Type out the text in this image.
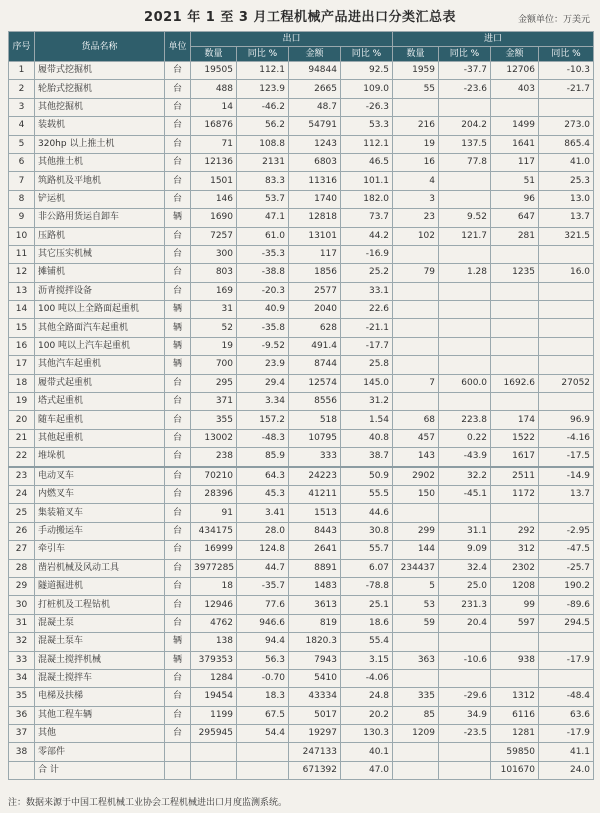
2021 年 1 至 3 月工程机械产品进出口分类汇总表	金额单位：万美元
序号	货品名称	单位	出口				进口			
			数量	同比 %	金额	同比 %	数量	同比 %	金额	同比 %
1	履带式挖掘机	台	19505	112.1	94844	92.5	1959	-37.7	12706	-10.3
2	轮胎式挖掘机	台	488	123.9	2665	109.0	55	-23.6	403	-21.7
3	其他挖掘机	台	14	-46.2	48.7	-26.3				
4	装载机	台	16876	56.2	54791	53.3	216	204.2	1499	273.0
5	320hp 以上推土机	台	71	108.8	1243	112.1	19	137.5	1641	865.4
6	其他推土机	台	12136	2131	6803	46.5	16	77.8	117	41.0
7	筑路机及平地机	台	1501	83.3	11316	101.1	4		51	25.3
8	铲运机	台	146	53.7	1740	182.0	3		96	13.0
9	非公路用货运自卸车	辆	1690	47.1	12818	73.7	23	9.52	647	13.7
10	压路机	台	7257	61.0	13101	44.2	102	121.7	281	321.5
11	其它压实机械	台	300	-35.3	117	-16.9				
12	摊铺机	台	803	-38.8	1856	25.2	79	1.28	1235	16.0
13	沥青搅拌设备	台	169	-20.3	2577	33.1				
14	100 吨以上全路面起重机	辆	31	40.9	2040	22.6				
15	其他全路面汽车起重机	辆	52	-35.8	628	-21.1				
16	100 吨以上汽车起重机	辆	19	-9.52	491.4	-17.7				
17	其他汽车起重机	辆	700	23.9	8744	25.8				
18	履带式起重机	台	295	29.4	12574	145.0	7	600.0	1692.6	27052
19	塔式起重机	台	371	3.34	8556	31.2				
20	随车起重机	台	355	157.2	518	1.54	68	223.8	174	96.9
21	其他起重机	台	13002	-48.3	10795	40.8	457	0.22	1522	-4.16
22	堆垛机	台	238	85.9	333	38.7	143	-43.9	1617	-17.5
23	电动叉车	台	70210	64.3	24223	50.9	2902	32.2	2511	-14.9
24	内燃叉车	台	28396	45.3	41211	55.5	150	-45.1	1172	13.7
25	集装箱叉车	台	91	3.41	1513	44.6				
26	手动搬运车	台	434175	28.0	8443	30.8	299	31.1	292	-2.95
27	牵引车	台	16999	124.8	2641	55.7	144	9.09	312	-47.5
28	凿岩机械及风动工具	台	3977285	44.7	8891	6.07	234437	32.4	2302	-25.7
29	隧道掘进机	台	18	-35.7	1483	-78.8	5	25.0	1208	190.2
30	打桩机及工程钻机	台	12946	77.6	3613	25.1	53	231.3	99	-89.6
31	混凝土泵	台	4762	946.6	819	18.6	59	20.4	597	294.5
32	混凝土泵车	辆	138	94.4	1820.3	55.4				
33	混凝土搅拌机械	辆	379353	56.3	7943	3.15	363	-10.6	938	-17.9
34	混凝土搅拌车	台	1284	-0.70	5410	-4.06				
35	电梯及扶梯	台	19454	18.3	43334	24.8	335	-29.6	1312	-48.4
36	其他工程车辆	台	1199	67.5	5017	20.2	85	34.9	6116	63.6
37	其他	台	295945	54.4	19297	130.3	1209	-23.5	1281	-17.9
38	零部件				247133	40.1			59850	41.1
	合 计				671392	47.0			101670	24.0
注：数据来源于中国工程机械工业协会工程机械进出口月度监测系统。
